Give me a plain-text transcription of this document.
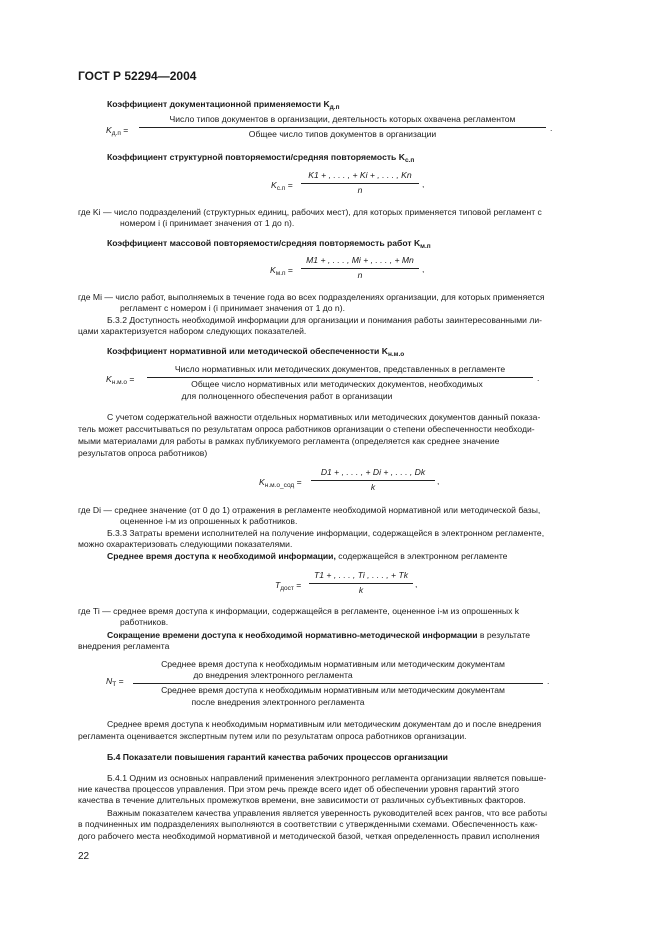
ГОСТ Р 52294—2004
Коэффициент документационной применяемости $K_{д.п}$
$K_{д.п}$ =
Число типов документов в организации, деятельность которых охвачена регламентом
Общее число типов документов в организации
.
Коэффициент структурной повторяемости/средняя повторяемость $K_{с.п}$
$K_{с.п}$ =
K1 + , . . . , + Ki + , . . . , Kn
n
,
где Ki — число подразделений (структурных единиц, рабочих мест), для которых применяется типовой регламент с
номером i (i принимает значения от 1 до n).
Коэффициент массовой повторяемости/средняя повторяемость работ $K_{м.п}$
$K_{м.п}$ =
M1 + , . . . , Mi + , . . . , + Mn
n
,
где Mi — число работ, выполняемых в течение года во всех подразделениях организации, для которых применяется
регламент с номером i (i принимает значения от 1 до n).
Б.3.2 Доступность необходимой информации для организации и понимания работы заинтересованными ли-
цами характеризуется набором следующих показателей.
Коэффициент нормативной или методической обеспеченности $K_{н.м.о}$
$K_{н.м.о}$ =
Число нормативных или методических документов, представленных в регламенте
Общее число нормативных или методических документов, необходимых
для полноценного обеспечения работ в организации
.
С учетом содержательной важности отдельных нормативных или методических документов данный показа-
тель может рассчитываться по результатам опроса работников организации о степени обеспеченности необходи-
мыми материалами для работы в рамках публикуемого регламента (определяется как среднее значение
результатов опроса работников)
$K_{н.м.о\_сод}$ =
D1 + , . . . , + Di + , . . . , Dk
k
,
где Di — среднее значение (от 0 до 1) отражения в регламенте необходимой нормативной или методической базы,
оцененное i-м из опрошенных k работников.
Б.3.3 Затраты времени исполнителей на получение информации, содержащейся в электронном регламенте,
можно охарактеризовать следующими показателями.
Среднее время доступа к необходимой информации, содержащейся в электронном регламенте
$T_{дост}$ =
T1 + , . . . , Ti , . . . , + Tk
k
,
где Ti — среднее время доступа к информации, содержащейся в регламенте, оцененное i-м из опрошенных k
работников.
Сокращение времени доступа к необходимой нормативно-методической информации в результате
внедрения регламента
$N_T$ =
Среднее время доступа к необходимым нормативным или методическим документам
до внедрения электронного регламента
Среднее время доступа к необходимым нормативным или методическим документам
после внедрения электронного регламента
.
Среднее время доступа к необходимым нормативным или методическим документам до и после внедрения
регламента оценивается экспертным путем или по результатам опроса работников организации.
Б.4 Показатели повышения гарантий качества рабочих процессов организации
Б.4.1 Одним из основных направлений применения электронного регламента организации является повыше-
ние качества процессов управления. При этом речь прежде всего идет об обеспечении уровня гарантий этого
качества в течение длительных промежутков времени, вне зависимости от различных субъективных факторов.
Важным показателем качества управления является уверенность руководителей всех рангов, что все работы
в подчиненных им подразделениях выполняются в соответствии с утвержденными схемами. Обеспеченность каж-
дого рабочего места необходимой нормативной и методической базой, четкая определенность правил исполнения
22
